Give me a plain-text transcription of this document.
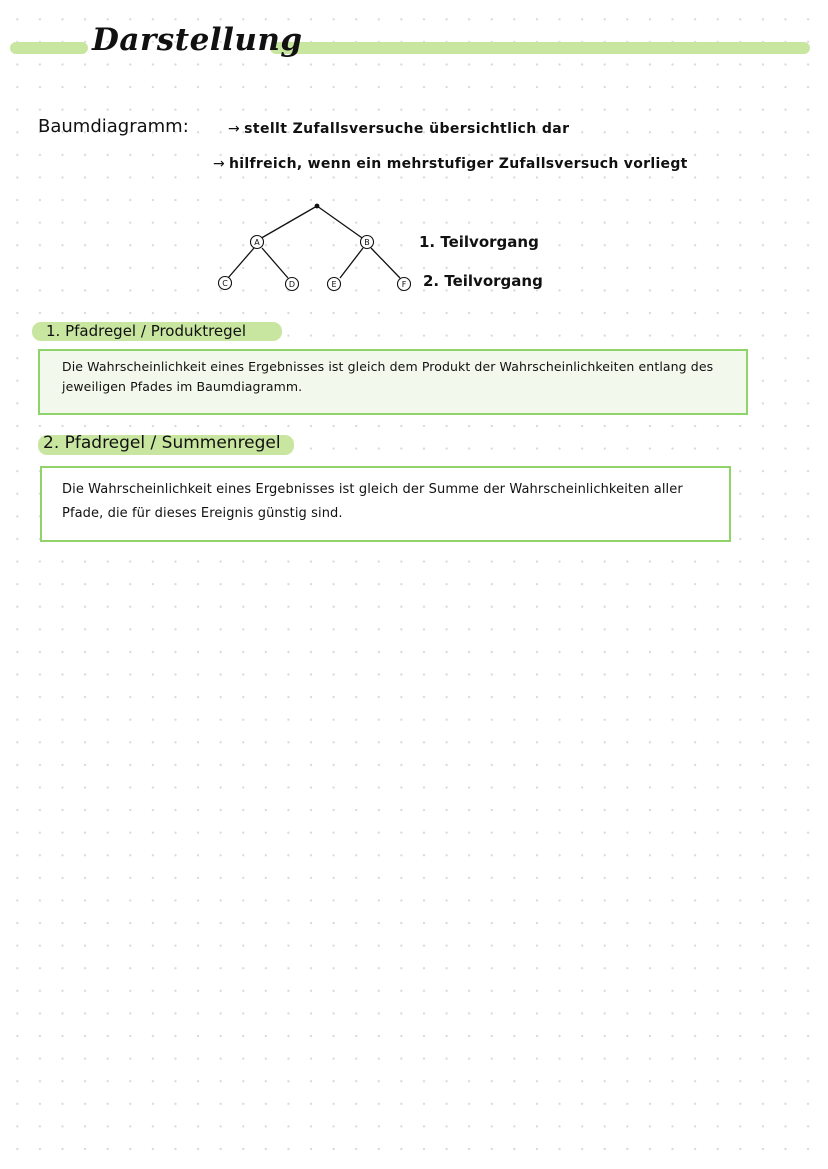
Darstellung
Baumdiagramm:	→ stellt Zufallsversuche übersichtlich dar
→ hilfreich, wenn ein mehrstufiger Zufallsversuch vorliegt
A	B
C	D	E	F
1. Teilvorgang
2. Teilvorgang
1. Pfadregel / Produktregel
Die Wahrscheinlichkeit eines Ergebnisses ist gleich dem Produkt der Wahrscheinlichkeiten entlang des jeweiligen Pfades im Baumdiagramm.
2. Pfadregel / Summenregel
Die Wahrscheinlichkeit eines Ergebnisses ist gleich der Summe der Wahrscheinlichkeiten aller Pfade, die für dieses Ereignis günstig sind.
